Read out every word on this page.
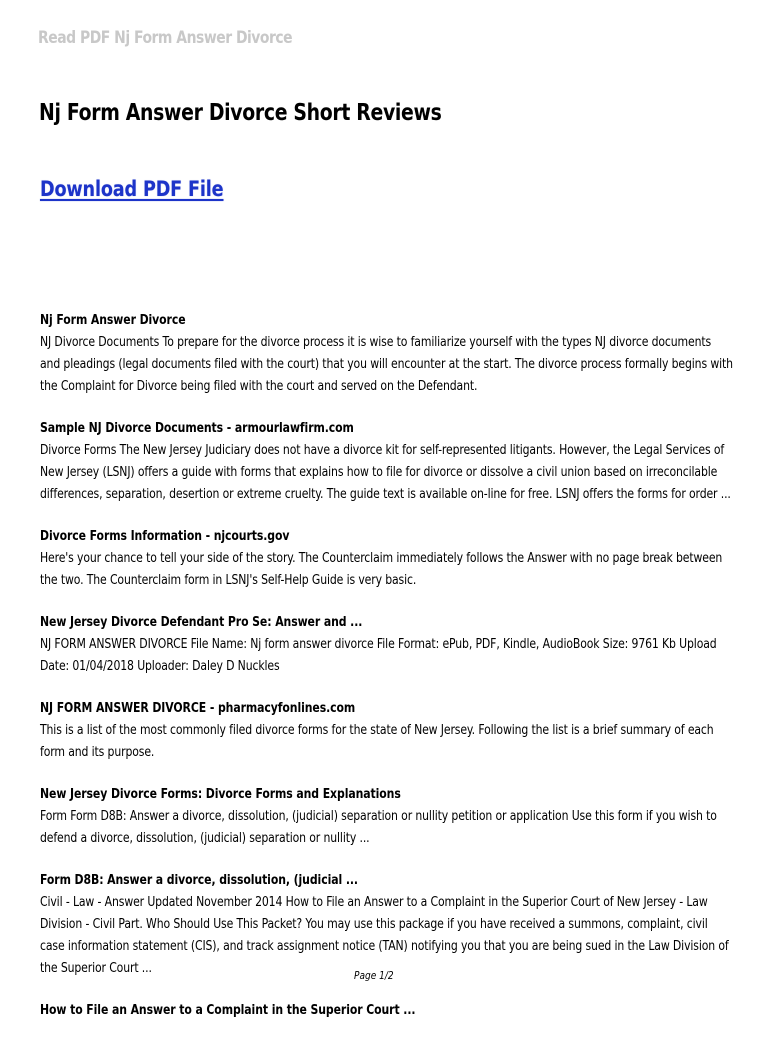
Read PDF Nj Form Answer Divorce
Nj Form Answer Divorce Short Reviews
Download PDF File

Nj Form Answer Divorce

NJ Divorce Documents To prepare for the divorce process it is wise to familiarize yourself with the types NJ divorce documents and pleadings (legal documents filed with the court) that you will encounter at the start. The divorce process formally begins with the Complaint for Divorce being filed with the court and served on the Defendant.

Sample NJ Divorce Documents - armourlawfirm.com

Divorce Forms The New Jersey Judiciary does not have a divorce kit for self-represented litigants. However, the Legal Services of New Jersey (LSNJ) offers a guide with forms that explains how to file for divorce or dissolve a civil union based on irreconcilable differences, separation, desertion or extreme cruelty. The guide text is available on-line for free. LSNJ offers the forms for order ...

Divorce Forms Information - njcourts.gov

Here's your chance to tell your side of the story. The Counterclaim immediately follows the Answer with no page break between the two. The Counterclaim form in LSNJ's Self-Help Guide is very basic.

New Jersey Divorce Defendant Pro Se: Answer and ...

NJ FORM ANSWER DIVORCE File Name: Nj form answer divorce File Format: ePub, PDF, Kindle, AudioBook Size: 9761 Kb Upload Date: 01/04/2018 Uploader: Daley D Nuckles

NJ FORM ANSWER DIVORCE - pharmacyfonlines.com

This is a list of the most commonly filed divorce forms for the state of New Jersey. Following the list is a brief summary of each form and its purpose.

New Jersey Divorce Forms: Divorce Forms and Explanations

Form Form D8B: Answer a divorce, dissolution, (judicial) separation or nullity petition or application Use this form if you wish to defend a divorce, dissolution, (judicial) separation or nullity ...

Form D8B: Answer a divorce, dissolution, (judicial ...

Civil - Law - Answer Updated November 2014 How to File an Answer to a Complaint in the Superior Court of New Jersey - Law Division - Civil Part. Who Should Use This Packet? You may use this package if you have received a summons, complaint, civil case information statement (CIS), and track assignment notice (TAN) notifying you that you are being sued in the Law Division of the Superior Court ...

How to File an Answer to a Complaint in the Superior Court ...

Page 1/2
